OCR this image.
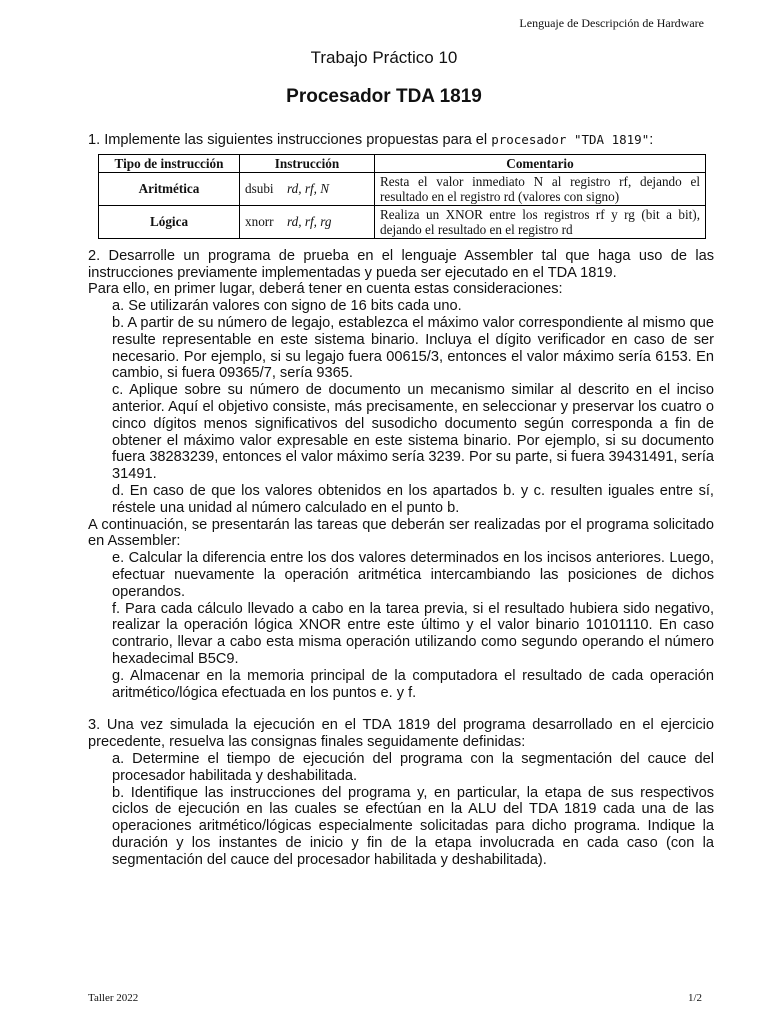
Lenguaje de Descripción de Hardware
Trabajo Práctico 10
Procesador TDA 1819

1. Implemente las siguientes instrucciones propuestas para el procesador "TDA 1819":

Tipo de instrucción	Instrucción	Comentario
Aritmética	dsubi rd, rf, N	Resta el valor inmediato N al registro rf, dejando el resultado en el registro rd (valores con signo)
Lógica	xnorr rd, rf, rg	Realiza un XNOR entre los registros rf y rg (bit a bit), dejando el resultado en el registro rd

2. Desarrolle un programa de prueba en el lenguaje Assembler tal que haga uso de las instrucciones previamente implementadas y pueda ser ejecutado en el TDA 1819.

Para ello, en primer lugar, deberá tener en cuenta estas consideraciones:

a. Se utilizarán valores con signo de 16 bits cada uno.

b. A partir de su número de legajo, establezca el máximo valor correspondiente al mismo que resulte representable en este sistema binario. Incluya el dígito verificador en caso de ser necesario. Por ejemplo, si su legajo fuera 00615/3, entonces el valor máximo sería 6153. En cambio, si fuera 09365/7, sería 9365.

c. Aplique sobre su número de documento un mecanismo similar al descrito en el inciso anterior. Aquí el objetivo consiste, más precisamente, en seleccionar y preservar los cuatro o cinco dígitos menos significativos del susodicho documento según corresponda a fin de obtener el máximo valor expresable en este sistema binario. Por ejemplo, si su documento fuera 38283239, entonces el valor máximo sería 3239. Por su parte, si fuera 39431491, sería 31491.

d. En caso de que los valores obtenidos en los apartados b. y c. resulten iguales entre sí, réstele una unidad al número calculado en el punto b.

A continuación, se presentarán las tareas que deberán ser realizadas por el programa solicitado en Assembler:

e. Calcular la diferencia entre los dos valores determinados en los incisos anteriores. Luego, efectuar nuevamente la operación aritmética intercambiando las posiciones de dichos operandos.

f. Para cada cálculo llevado a cabo en la tarea previa, si el resultado hubiera sido negativo, realizar la operación lógica XNOR entre este último y el valor binario 10101110. En caso contrario, llevar a cabo esta misma operación utilizando como segundo operando el número hexadecimal B5C9.

g. Almacenar en la memoria principal de la computadora el resultado de cada operación aritmético/lógica efectuada en los puntos e. y f.

3. Una vez simulada la ejecución en el TDA 1819 del programa desarrollado en el ejercicio precedente, resuelva las consignas finales seguidamente definidas:

a. Determine el tiempo de ejecución del programa con la segmentación del cauce del procesador habilitada y deshabilitada.

b. Identifique las instrucciones del programa y, en particular, la etapa de sus respectivos ciclos de ejecución en las cuales se efectúan en la ALU del TDA 1819 cada una de las operaciones aritmético/lógicas especialmente solicitadas para dicho programa. Indique la duración y los instantes de inicio y fin de la etapa involucrada en cada caso (con la segmentación del cauce del procesador habilitada y deshabilitada).

Taller 2022	1/2
